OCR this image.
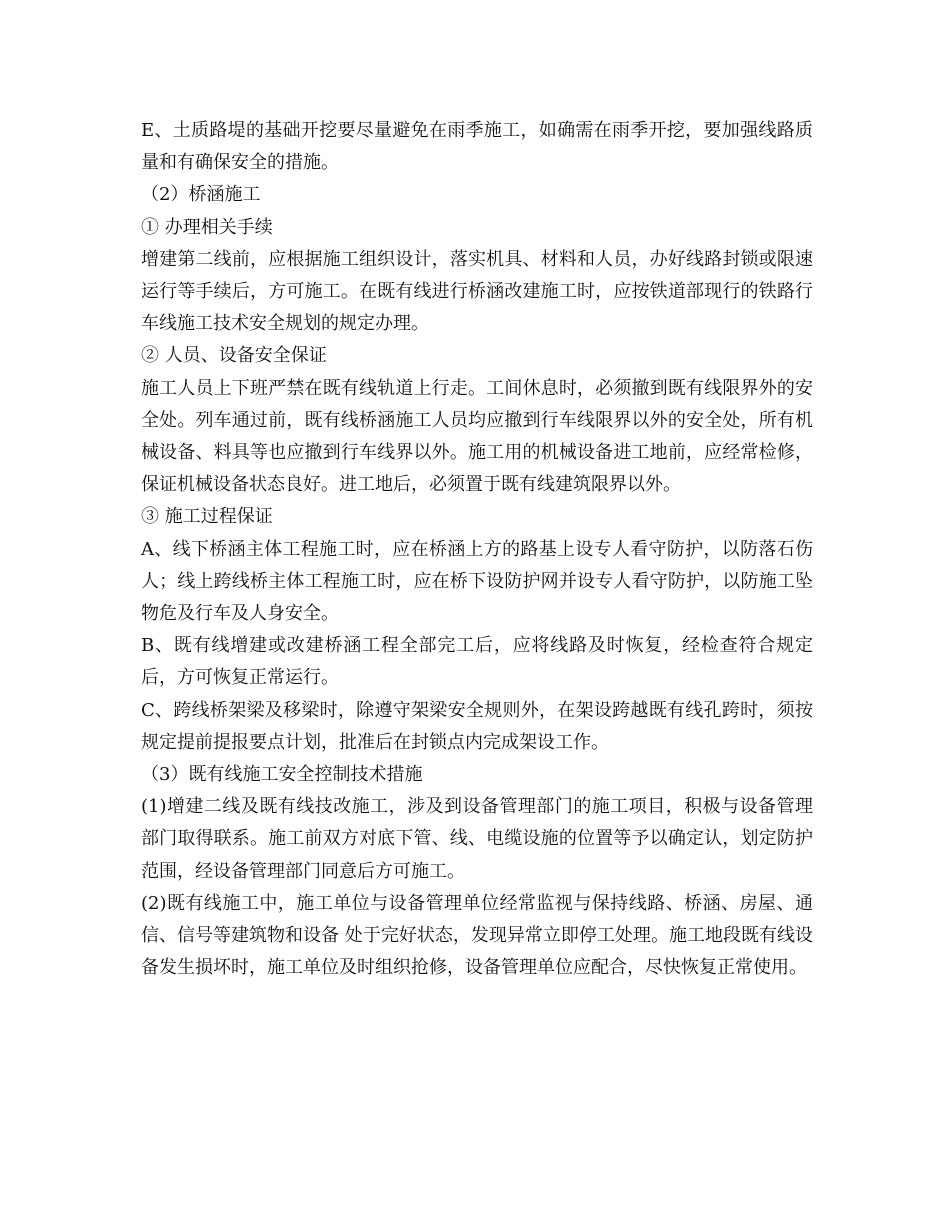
E、土质路堤的基础开挖要尽量避免在雨季施工，如确需在雨季开挖，要加强线路质量和有确保安全的措施。

（2）桥涵施工

① 办理相关手续

增建第二线前，应根据施工组织设计，落实机具、材料和人员，办好线路封锁或限速运行等手续后，方可施工。在既有线进行桥涵改建施工时，应按铁道部现行的铁路行车线施工技术安全规划的规定办理。

② 人员、设备安全保证

施工人员上下班严禁在既有线轨道上行走。工间休息时，必须撤到既有线限界外的安全处。列车通过前，既有线桥涵施工人员均应撤到行车线限界以外的安全处，所有机械设备、料具等也应撤到行车线界以外。施工用的机械设备进工地前，应经常检修，保证机械设备状态良好。进工地后，必须置于既有线建筑限界以外。

③ 施工过程保证

A、线下桥涵主体工程施工时，应在桥涵上方的路基上设专人看守防护，以防落石伤人；线上跨线桥主体工程施工时，应在桥下设防护网并设专人看守防护，以防施工坠物危及行车及人身安全。

B、既有线增建或改建桥涵工程全部完工后，应将线路及时恢复，经检查符合规定后，方可恢复正常运行。

C、跨线桥架梁及移梁时，除遵守架梁安全规则外，在架设跨越既有线孔跨时，须按规定提前提报要点计划，批准后在封锁点内完成架设工作。

（3）既有线施工安全控制技术措施

(1)增建二线及既有线技改施工，涉及到设备管理部门的施工项目，积极与设备管理部门取得联系。施工前双方对底下管、线、电缆设施的位置等予以确定认，划定防护范围，经设备管理部门同意后方可施工。

(2)既有线施工中，施工单位与设备管理单位经常监视与保持线路、桥涵、房屋、通信、信号等建筑物和设备 处于完好状态，发现异常立即停工处理。施工地段既有线设备发生损坏时，施工单位及时组织抢修，设备管理单位应配合，尽快恢复正常使用。
